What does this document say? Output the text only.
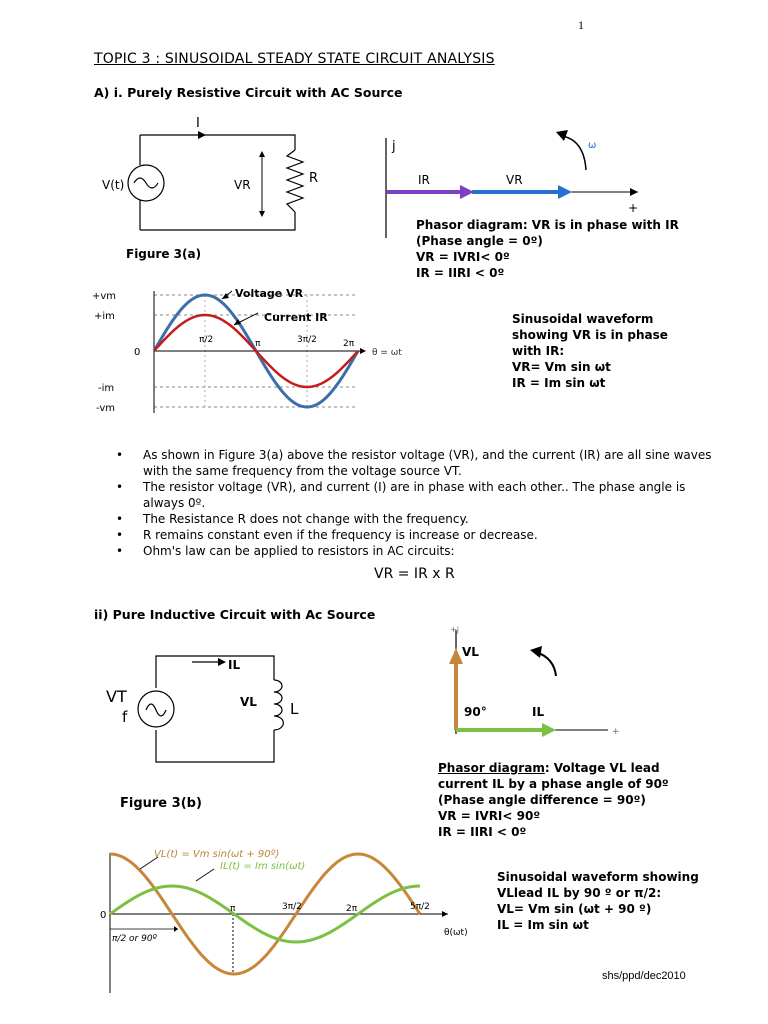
1
TOPIC 3 : SINUSOIDAL STEADY STATE CIRCUIT ANALYSIS
A) i. Purely Resistive Circuit with AC Source
I
V(t)	VR	R
Figure 3(a)
j
+
ω
IR	VR
Phasor diagram: VR is in phase with IR
(Phase angle = 0º)
VR = IVRI< 0º
IR = IIRI < 0º
+vm
+im
0
-im
-vm
π/2	π	3π/2	2π
θ = ωt
Voltage VR
Current IR	Sinusoidal waveform
showing VR is in phase
with IR:
VR= Vm sin ωt
IR = Im sin ωt
• As shown in Figure 3(a) above the resistor voltage (VR), and the current (IR) are all sine waves with the same frequency from the voltage source VT.
• The resistor voltage (VR), and current (I) are in phase with each other.. The phase angle is always 0º.
• The Resistance R does not change with the frequency.
• R remains constant even if the frequency is increase or decrease.
• Ohm's law can be applied to resistors in AC circuits:
VR = IR x R
ii) Pure Inductive Circuit with Ac Source
VT
f
IL
VL L
Figure 3(b)
+j
+
VL
90°	IL
Phasor diagram: Voltage VL lead
current IL by a phase angle of 90º
(Phase angle difference = 90º)
VR = IVRI< 90º
IR = IIRI < 0º
VL(t) = Vm sin(ωt + 90º)
IL(t) = Im sin(ωt)
0
π	3π/2	2π	5π/2
θ(ωt)
π/2 or 90º
Sinusoidal waveform showing
VLlead IL by 90 º or π/2:
VL= Vm sin (ωt + 90 º)
IL = Im sin ωt
shs/ppd/dec2010
